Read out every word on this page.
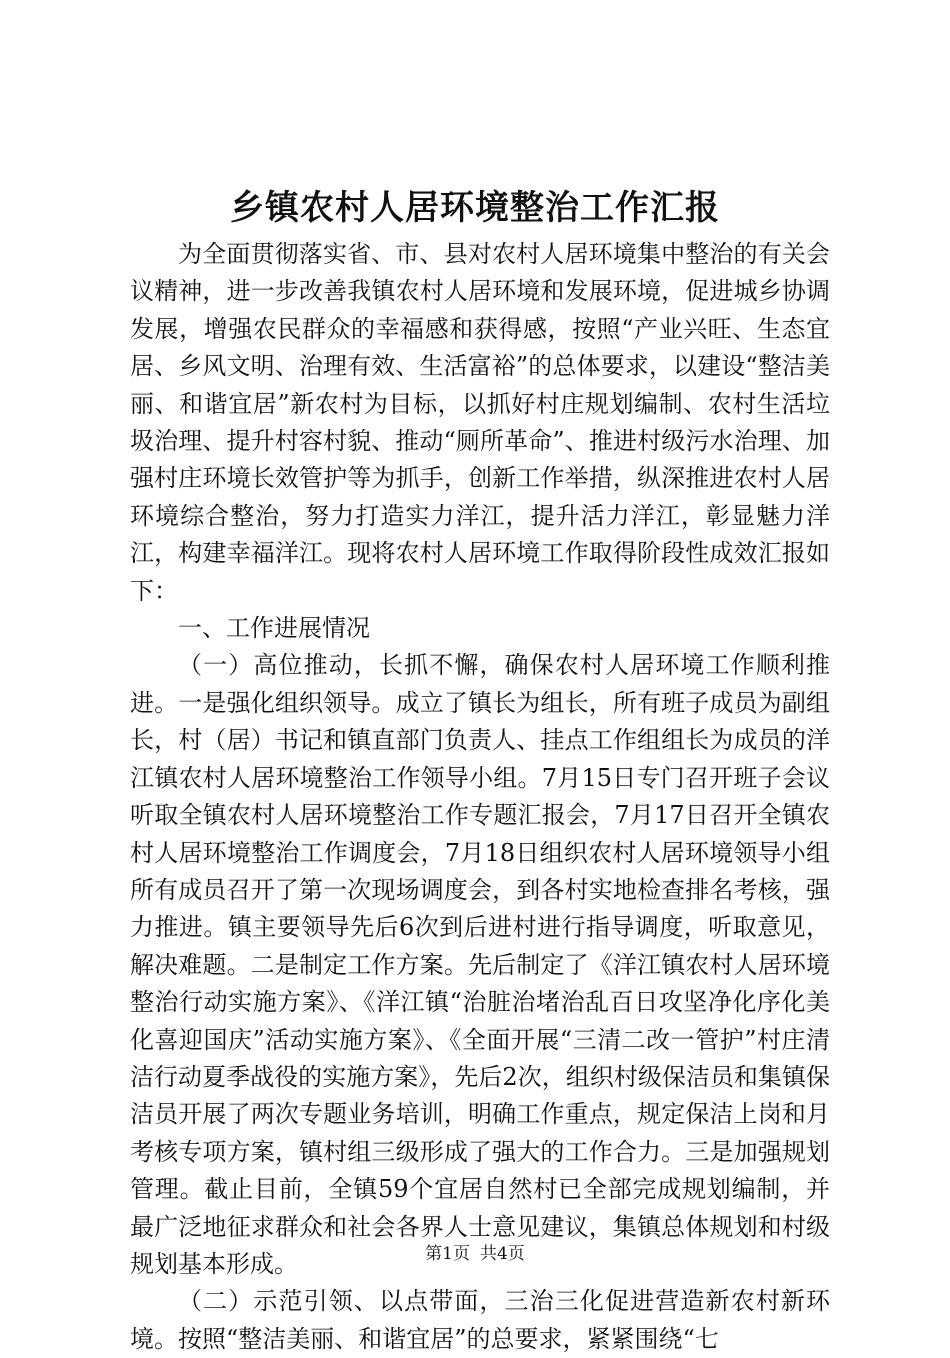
乡镇农村人居环境整治工作汇报

为全面贯彻落实省、市、县对农村人居环境集中整治的有关会议精神，进一步改善我镇农村人居环境和发展环境，促进城乡协调发展，增强农民群众的幸福感和获得感，按照“产业兴旺、生态宜居、乡风文明、治理有效、生活富裕”的总体要求，以建设“整洁美丽、和谐宜居”新农村为目标，以抓好村庄规划编制、农村生活垃圾治理、提升村容村貌、推动“厕所革命”、推进村级污水治理、加强村庄环境长效管护等为抓手，创新工作举措，纵深推进农村人居环境综合整治，努力打造实力洋江，提升活力洋江，彰显魅力洋江，构建幸福洋江。现将农村人居环境工作取得阶段性成效汇报如下：

一、工作进展情况

（一）高位推动，长抓不懈，确保农村人居环境工作顺利推进。一是强化组织领导。成立了镇长为组长，所有班子成员为副组长，村（居）书记和镇直部门负责人、挂点工作组组长为成员的洋江镇农村人居环境整治工作领导小组。7月15日专门召开班子会议听取全镇农村人居环境整治工作专题汇报会，7月17日召开全镇农村人居环境整治工作调度会，7月18日组织农村人居环境领导小组所有成员召开了第一次现场调度会，到各村实地检查排名考核，强力推进。镇主要领导先后6次到后进村进行指导调度，听取意见，解决难题。二是制定工作方案。先后制定了《洋江镇农村人居环境整治行动实施方案》、《洋江镇“治脏治堵治乱百日攻坚净化序化美化喜迎国庆”活动实施方案》、《全面开展“三清二改一管护”村庄清洁行动夏季战役的实施方案》，先后2次，组织村级保洁员和集镇保洁员开展了两次专题业务培训，明确工作重点，规定保洁上岗和月考核专项方案，镇村组三级形成了强大的工作合力。三是加强规划管理。截止目前，全镇59个宜居自然村已全部完成规划编制，并最广泛地征求群众和社会各界人士意见建议，集镇总体规划和村级规划基本形成。

（二）示范引领、以点带面，三治三化促进营造新农村新环境。按照“整洁美丽、和谐宜居”的总要求，紧紧围绕“七

第1页 共4页
